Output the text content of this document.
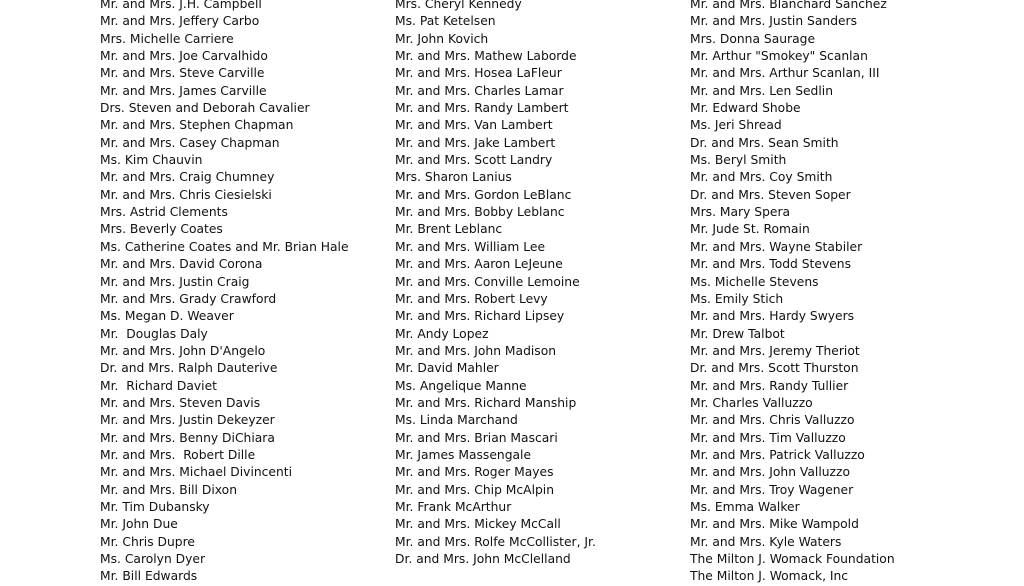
Mr. and Mrs. J.H. Campbell
Mr. and Mrs. Jeffery Carbo
Mrs. Michelle Carriere
Mr. and Mrs. Joe Carvalhido
Mr. and Mrs. Steve Carville
Mr. and Mrs. James Carville
Drs. Steven and Deborah Cavalier
Mr. and Mrs. Stephen Chapman
Mr. and Mrs. Casey Chapman
Ms. Kim Chauvin
Mr. and Mrs. Craig Chumney
Mr. and Mrs. Chris Ciesielski
Mrs. Astrid Clements
Mrs. Beverly Coates
Ms. Catherine Coates and Mr. Brian Hale
Mr. and Mrs. David Corona
Mr. and Mrs. Justin Craig
Mr. and Mrs. Grady Crawford
Ms. Megan D. Weaver
Mr.  Douglas Daly
Mr. and Mrs. John D'Angelo
Dr. and Mrs. Ralph Dauterive
Mr.  Richard Daviet
Mr. and Mrs. Steven Davis
Mr. and Mrs. Justin Dekeyzer
Mr. and Mrs. Benny DiChiara
Mr. and Mrs.  Robert Dille
Mr. and Mrs. Michael Divincenti
Mr. and Mrs. Bill Dixon
Mr. Tim Dubansky
Mr. John Due
Mr. Chris Dupre
Ms. Carolyn Dyer
Mr. Bill Edwards
Mrs. Cheryl Kennedy
Ms. Pat Ketelsen
Mr. John Kovich
Mr. and Mrs. Mathew Laborde
Mr. and Mrs. Hosea LaFleur
Mr. and Mrs. Charles Lamar
Mr. and Mrs. Randy Lambert
Mr. and Mrs. Van Lambert
Mr. and Mrs. Jake Lambert
Mr. and Mrs. Scott Landry
Mrs. Sharon Lanius
Mr. and Mrs. Gordon LeBlanc
Mr. and Mrs. Bobby Leblanc
Mr. Brent Leblanc
Mr. and Mrs. William Lee
Mr. and Mrs. Aaron LeJeune
Mr. and Mrs. Conville Lemoine
Mr. and Mrs. Robert Levy
Mr. and Mrs. Richard Lipsey
Mr. Andy Lopez
Mr. and Mrs. John Madison
Mr. David Mahler
Ms. Angelique Manne
Mr. and Mrs. Richard Manship
Ms. Linda Marchand
Mr. and Mrs. Brian Mascari
Mr. James Massengale
Mr. and Mrs. Roger Mayes
Mr. and Mrs. Chip McAlpin
Mr. Frank McArthur
Mr. and Mrs. Mickey McCall
Mr. and Mrs. Rolfe McCollister, Jr.
Dr. and Mrs. John McClelland
Mr. and Mrs. Blanchard Sanchez
Mr. and Mrs. Justin Sanders
Mrs. Donna Saurage
Mr. Arthur "Smokey" Scanlan
Mr. and Mrs. Arthur Scanlan, III
Mr. and Mrs. Len Sedlin
Mr. Edward Shobe
Ms. Jeri Shread
Dr. and Mrs. Sean Smith
Ms. Beryl Smith
Mr. and Mrs. Coy Smith
Dr. and Mrs. Steven Soper
Mrs. Mary Spera
Mr. Jude St. Romain
Mr. and Mrs. Wayne Stabiler
Mr. and Mrs. Todd Stevens
Ms. Michelle Stevens
Ms. Emily Stich
Mr. and Mrs. Hardy Swyers
Mr. Drew Talbot
Mr. and Mrs. Jeremy Theriot
Dr. and Mrs. Scott Thurston
Mr. and Mrs. Randy Tullier
Mr. Charles Valluzzo
Mr. and Mrs. Chris Valluzzo
Mr. and Mrs. Tim Valluzzo
Mr. and Mrs. Patrick Valluzzo
Mr. and Mrs. John Valluzzo
Mr. and Mrs. Troy Wagener
Ms. Emma Walker
Mr. and Mrs. Mike Wampold
Mr. and Mrs. Kyle Waters
The Milton J. Womack Foundation
The Milton J. Womack, Inc
